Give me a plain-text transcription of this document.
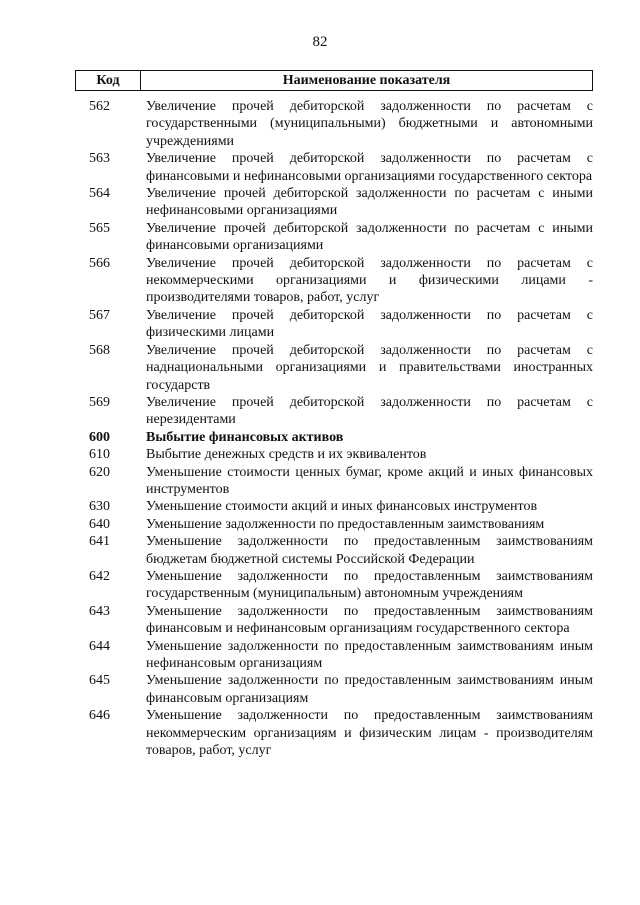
82
Код	Наименование показателя
562	Увеличение прочей дебиторской задолженности по расчетам с государственными (муниципальными) бюджетными и автономными учреждениями
563	Увеличение прочей дебиторской задолженности по расчетам с финансовыми и нефинансовыми организациями государственного сектора
564	Увеличение прочей дебиторской задолженности по расчетам с иными нефинансовыми организациями
565	Увеличение прочей дебиторской задолженности по расчетам с иными финансовыми организациями
566	Увеличение прочей дебиторской задолженности по расчетам с некоммерческими организациями и физическими лицами - производителями товаров, работ, услуг
567	Увеличение прочей дебиторской задолженности по расчетам с физическими лицами
568	Увеличение прочей дебиторской задолженности по расчетам с наднациональными организациями и правительствами иностранных государств
569	Увеличение прочей дебиторской задолженности по расчетам с нерезидентами
600	Выбытие финансовых активов
610	Выбытие денежных средств и их эквивалентов
620	Уменьшение стоимости ценных бумаг, кроме акций и иных финансовых инструментов
630	Уменьшение стоимости акций и иных финансовых инструментов
640	Уменьшение задолженности по предоставленным заимствованиям
641	Уменьшение задолженности по предоставленным заимствованиям бюджетам бюджетной системы Российской Федерации
642	Уменьшение задолженности по предоставленным заимствованиям государственным (муниципальным) автономным учреждениям
643	Уменьшение задолженности по предоставленным заимствованиям финансовым и нефинансовым организациям государственного сектора
644	Уменьшение задолженности по предоставленным заимствованиям иным нефинансовым организациям
645	Уменьшение задолженности по предоставленным заимствованиям иным финансовым организациям
646	Уменьшение задолженности по предоставленным заимствованиям некоммерческим организациям и физическим лицам - производителям товаров, работ, услуг
